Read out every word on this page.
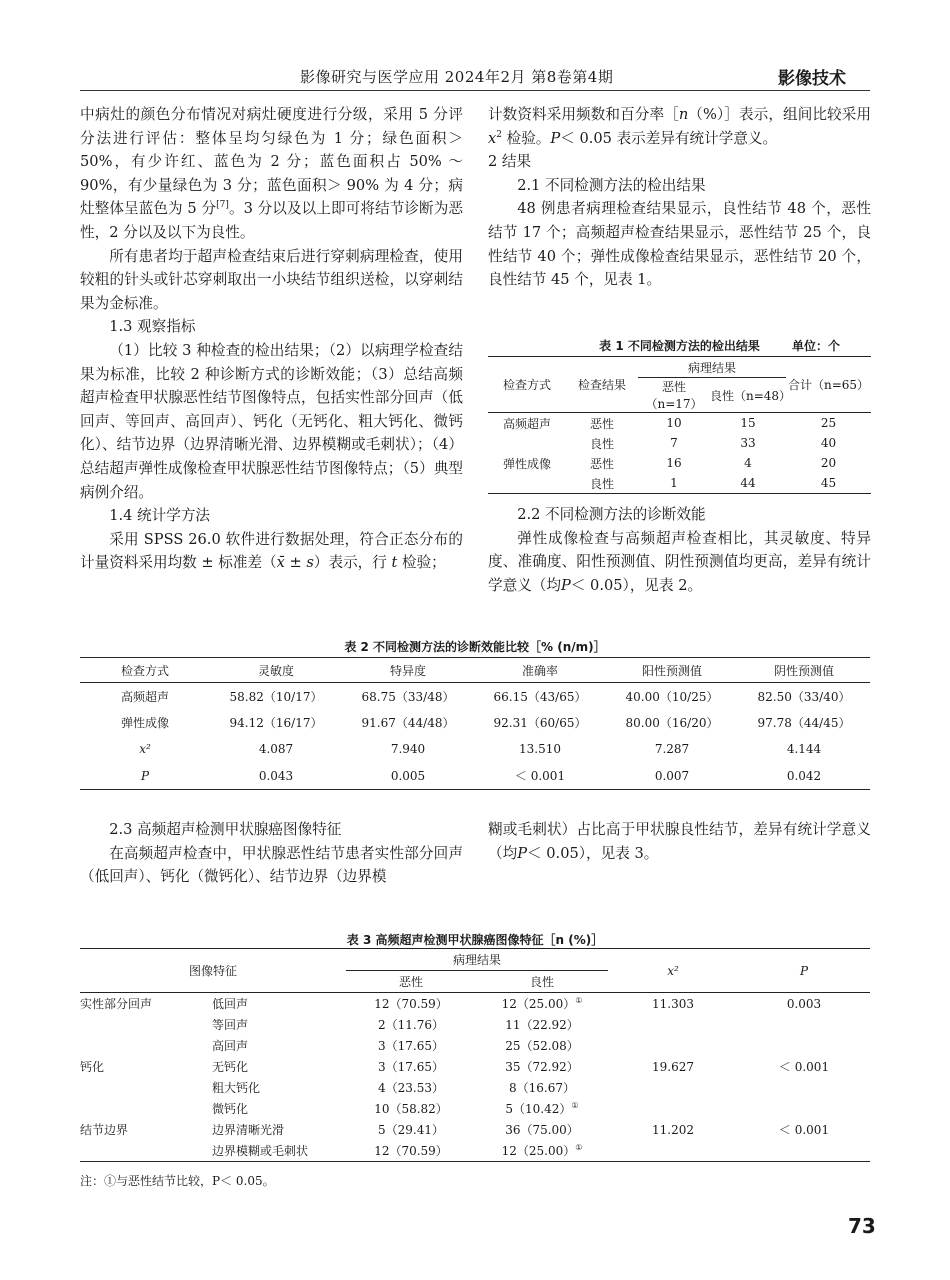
影像研究与医学应用 2024年2月 第8卷第4期	影像技术

中病灶的颜色分布情况对病灶硬度进行分级，采用 5 分评分法进行评估：整体呈均匀绿色为 1 分；绿色面积＞50%，有少许红、蓝色为 2 分；蓝色面积占 50% ～ 90%，有少量绿色为 3 分；蓝色面积＞ 90% 为 4 分；病灶整体呈蓝色为 5 分[7]。3 分以及以上即可将结节诊断为恶性，2 分以及以下为良性。

所有患者均于超声检查结束后进行穿刺病理检查，使用较粗的针头或针芯穿刺取出一小块结节组织送检，以穿刺结果为金标准。

1.3 观察指标

（1）比较 3 种检查的检出结果；（2）以病理学检查结果为标准，比较 2 种诊断方式的诊断效能；（3）总结高频超声检查甲状腺恶性结节图像特点，包括实性部分回声（低回声、等回声、高回声）、钙化（无钙化、粗大钙化、微钙化）、结节边界（边界清晰光滑、边界模糊或毛刺状）；（4）总结超声弹性成像检查甲状腺恶性结节图像特点；（5）典型病例介绍。

1.4 统计学方法

采用 SPSS 26.0 软件进行数据处理，符合正态分布的计量资料采用均数 ± 标准差（x̄ ± s）表示，行 t 检验；

计数资料采用频数和百分率［n（%）］表示，组间比较采用 $x^2$ 检验。P＜ 0.05 表示差异有统计学意义。

2 结果

2.1 不同检测方法的检出结果

48 例患者病理检查结果显示，良性结节 48 个，恶性结节 17 个；高频超声检查结果显示，恶性结节 25 个，良性结节 40 个；弹性成像检查结果显示，恶性结节 20 个，良性结节 45 个，见表 1。

表 1 不同检测方法的检出结果	单位：个
检查方式	检查结果	病理结果		合计（n=65）
		恶性（n=17）	良性（n=48）	
高频超声	恶性	10	15	25
	良性	7	33	40
弹性成像	恶性	16	4	20
	良性	1	44	45

2.2 不同检测方法的诊断效能

弹性成像检查与高频超声检查相比，其灵敏度、特异度、准确度、阳性预测值、阴性预测值均更高，差异有统计学意义（均P＜ 0.05），见表 2。

表 2 不同检测方法的诊断效能比较［% (n/m)］
检查方式	灵敏度	特异度	准确率	阳性预测值	阴性预测值
高频超声	58.82（10/17）	68.75（33/48）	66.15（43/65）	40.00（10/25）	82.50（33/40）
弹性成像	94.12（16/17）	91.67（44/48）	92.31（60/65）	80.00（16/20）	97.78（44/45）
x²	4.087	7.940	13.510	7.287	4.144
P	0.043	0.005	＜ 0.001	0.007	0.042

2.3 高频超声检测甲状腺癌图像特征

在高频超声检查中，甲状腺恶性结节患者实性部分回声（低回声）、钙化（微钙化）、结节边界（边界模

糊或毛刺状）占比高于甲状腺良性结节，差异有统计学意义（均P＜ 0.05），见表 3。

表 3 高频超声检测甲状腺癌图像特征［n (%)］
图像特征		病理结果		x²	P
		恶性	良性		
实性部分回声	低回声	12（70.59）	12（25.00）①	11.303	0.003
	等回声	2（11.76）	11（22.92）		
	高回声	3（17.65）	25（52.08）		
钙化	无钙化	3（17.65）	35（72.92）	19.627	＜ 0.001
	粗大钙化	4（23.53）	8（16.67）		
	微钙化	10（58.82）	5（10.42）①		
结节边界	边界清晰光滑	5（29.41）	36（75.00）	11.202	＜ 0.001
	边界模糊或毛刺状	12（70.59）	12（25.00）①		
注：①与恶性结节比较，P＜ 0.05。
73
